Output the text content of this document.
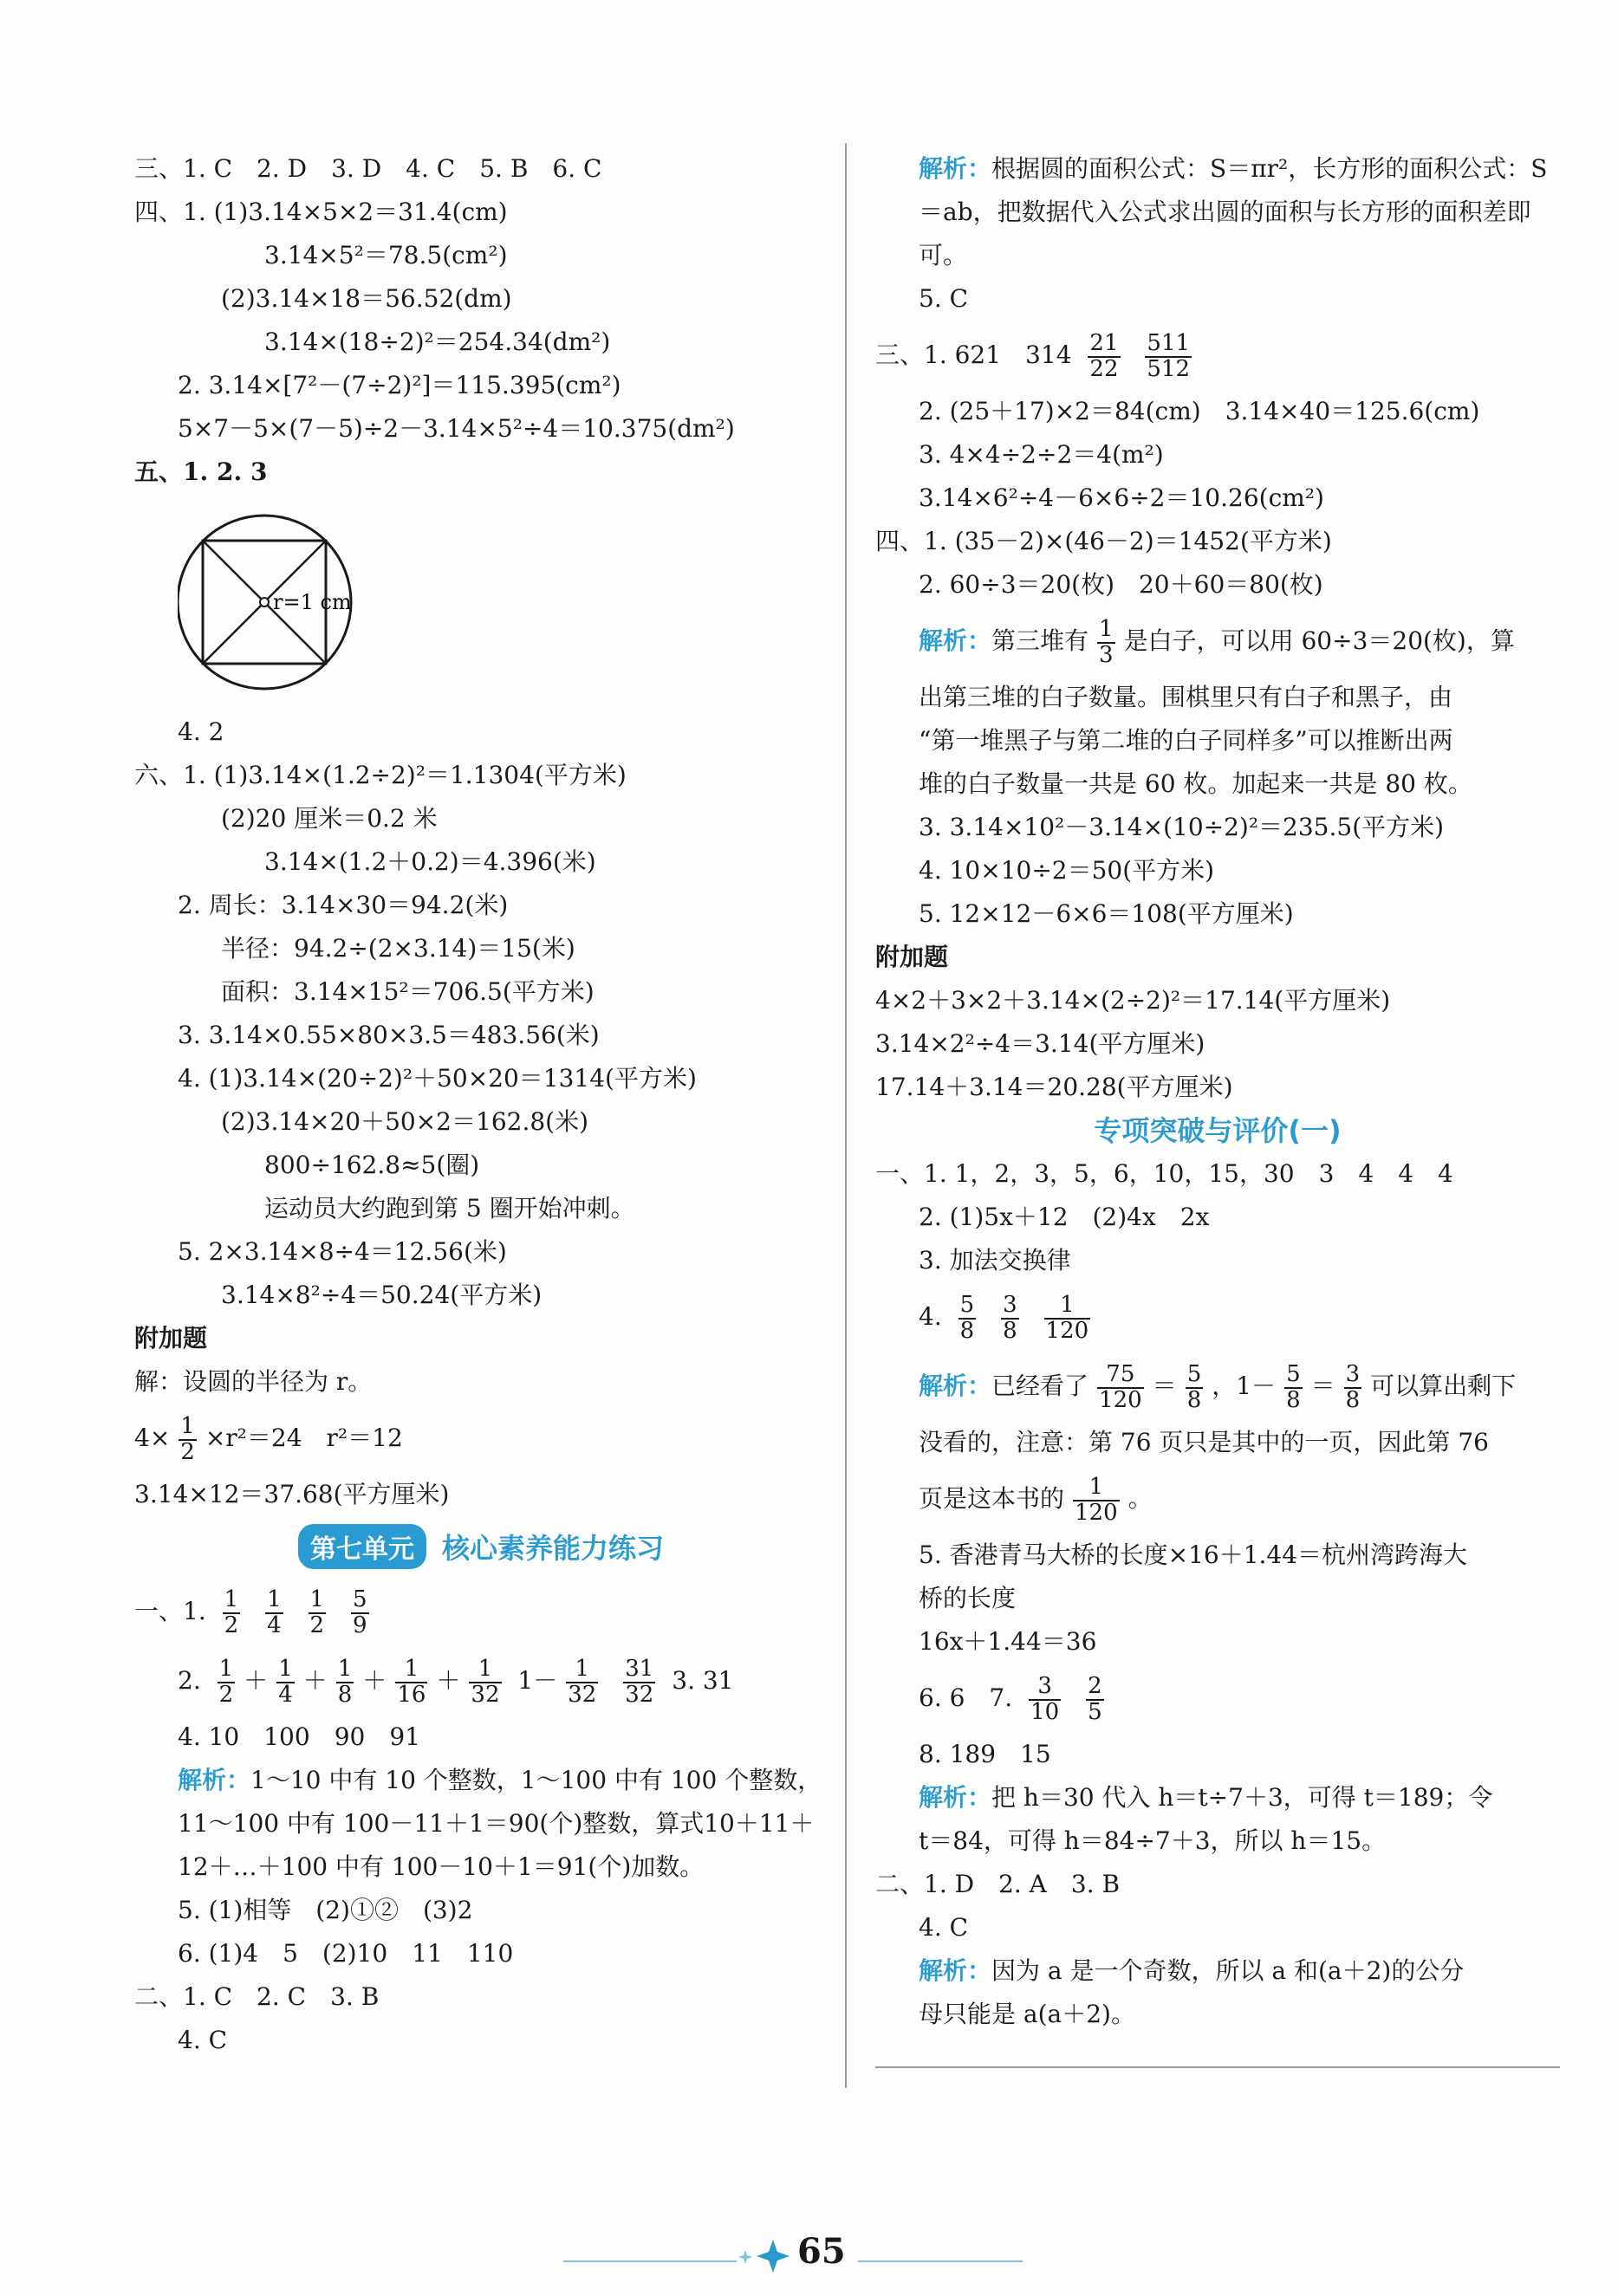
三、1. C　2. D　3. D　4. C　5. B　6. C
四、1. (1)3.14×5×2＝31.4(cm)
3.14×5²＝78.5(cm²)
(2)3.14×18＝56.52(dm)
3.14×(18÷2)²＝254.34(dm²)
2. 3.14×[7²－(7÷2)²]＝115.395(cm²)
5×7－5×(7－5)÷2－3.14×5²÷4＝10.375(dm²)
五、1. 2. 3
r=1 cm
4. 2
六、1. (1)3.14×(1.2÷2)²＝1.1304(平方米)
(2)20 厘米＝0.2 米
3.14×(1.2＋0.2)＝4.396(米)
2. 周长：3.14×30＝94.2(米)
半径：94.2÷(2×3.14)＝15(米)
面积：3.14×15²＝706.5(平方米)
3. 3.14×0.55×80×3.5＝483.56(米)
4. (1)3.14×(20÷2)²＋50×20＝1314(平方米)
(2)3.14×20＋50×2＝162.8(米)
800÷162.8≈5(圈)
运动员大约跑到第 5 圈开始冲刺。
5. 2×3.14×8÷4＝12.56(米)
3.14×8²÷4＝50.24(平方米)
附加题
解：设圆的半径为 r。
$4\times \frac{1}{2} \times r^2=24$　r²＝12
3.14×12＝37.68(平方厘米)
第七单元	核心素养能力练习
一、1. $\frac{1}{2}$
$\frac{1}{4}$
$\frac{1}{2}$
$\frac{5}{9}$
2. $\frac{1}{2} + \frac{1}{4} + \frac{1}{8} + \frac{1}{16} + \frac{1}{32} 1- \frac{1}{32}$
$\frac{31}{32} 3$. 31
4. 10　100　90　91
解析：1～10 中有 10 个整数，1～100 中有 100 个整数，11～100 中有 100－11＋1＝90(个)整数，算式10＋11＋12＋…＋100 中有 100－10＋1＝91(个)加数。
5. (1)相等　(2)①②　(3)2
6. (1)4　5　(2)10　11　110
二、1. C　2. C　3. B
4. C
解析：根据圆的面积公式：S＝πr²，长方形的面积公式：S＝ab，把数据代入公式求出圆的面积与长方形的面积差即可。
5. C
三、1. 621　$314 \frac{21}{22}$
$\frac{511}{512}$
2. (25＋17)×2＝84(cm)　3.14×40＝125.6(cm)
3. 4×4÷2÷2＝4(m²)
3.14×6²÷4－6×6÷2＝10.26(cm²)
四、1. (35－2)×(46－2)＝1452(平方米)
2. 60÷3＝20(枚)　20＋60＝80(枚)
解析：第三堆有 $\frac{1}{3}$ 是白子，可以用 60÷3＝20(枚)，算
出第三堆的白子数量。围棋里只有白子和黑子，由
“第一堆黑子与第二堆的白子同样多”可以推断出两
堆的白子数量一共是 60 枚。加起来一共是 80 枚。
3. 3.14×10²－3.14×(10÷2)²＝235.5(平方米)
4. 10×10÷2＝50(平方米)
5. 12×12－6×6＝108(平方厘米)
附加题
4×2＋3×2＋3.14×(2÷2)²＝17.14(平方厘米)
3.14×2²÷4＝3.14(平方厘米)
17.14＋3.14＝20.28(平方厘米)
专项突破与评价(一)
一、1. 1，2，3，5，6，10，15，30　3　4　4　4
2. (1)5x＋12　(2)4x　2x
3. 加法交换律
4. $\frac{5}{8}$
$\frac{3}{8}$
$\frac{1}{120}$
解析：已经看了 $\frac{75}{120} = \frac{5}{8}$ ，$1- \frac{5}{8} = \frac{3}{8}$ 可以算出剩下
没看的，注意：第 76 页只是其中的一页，因此第 76
页是这本书的 $\frac{1}{120}$ 。
5. 香港青马大桥的长度×16＋1.44＝杭州湾跨海大
桥的长度
16x＋1.44＝36
6. 6　7. $\frac{3}{10}$
$\frac{2}{5}$
8. 189　15
解析：把 h＝30 代入 h＝t÷7＋3，可得 t＝189；令
t＝84，可得 h＝84÷7＋3，所以 h＝15。
二、1. D　2. A　3. B
4. C
解析：因为 a 是一个奇数，所以 a 和(a＋2)的公分
母只能是 a(a＋2)。
65
